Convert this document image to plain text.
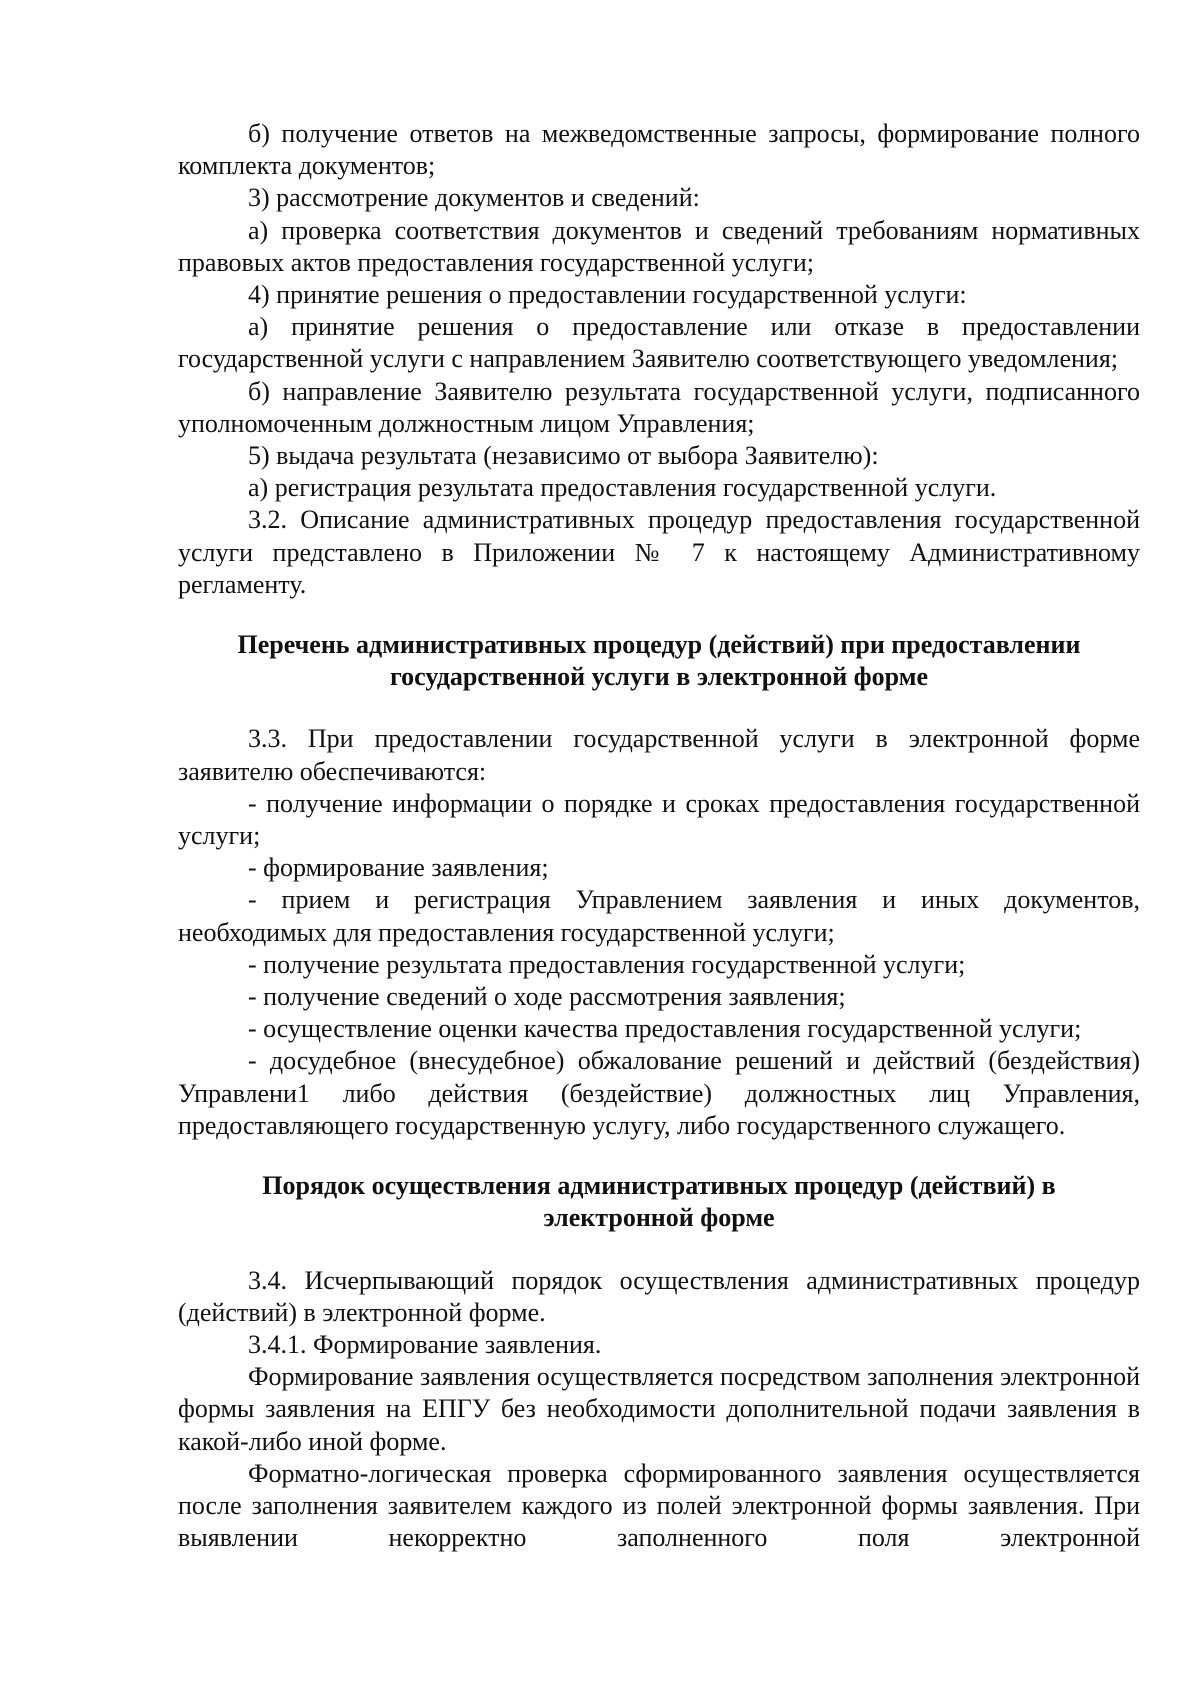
б) получение ответов на межведомственные запросы, формирование полного комплекта документов;

3) рассмотрение документов и сведений:

а) проверка соответствия документов и сведений требованиям нормативных правовых актов предоставления государственной услуги;

4) принятие решения о предоставлении государственной услуги:

а) принятие решения о предоставление или отказе в предоставлении государственной услуги с направлением Заявителю соответствующего уведомления;

б) направление Заявителю результата государственной услуги, подписанного уполномоченным должностным лицом Управления;

5) выдача результата (независимо от выбора Заявителю):

а) регистрация результата предоставления государственной услуги.

3.2. Описание административных процедур предоставления государственной услуги представлено в Приложении № 7 к настоящему Административному регламенту.

Перечень административных процедур (действий) при предоставлении

государственной услуги в электронной форме

3.3. При предоставлении государственной услуги в электронной форме заявителю обеспечиваются:

- получение информации о порядке и сроках предоставления государственной услуги;

- формирование заявления;

- прием и регистрация Управлением заявления и иных документов, необходимых для предоставления государственной услуги;

- получение результата предоставления государственной услуги;

- получение сведений о ходе рассмотрения заявления;

- осуществление оценки качества предоставления государственной услуги;

- досудебное (внесудебное) обжалование решений и действий (бездействия) Управлени1 либо действия (бездействие) должностных лиц Управления, предоставляющего государственную услугу, либо государственного служащего.

Порядок осуществления административных процедур (действий) в

электронной форме

3.4. Исчерпывающий порядок осуществления административных процедур (действий) в электронной форме.

3.4.1. Формирование заявления.

Формирование заявления осуществляется посредством заполнения электронной формы заявления на ЕПГУ без необходимости дополнительной подачи заявления в какой-либо иной форме.

Форматно-логическая проверка сформированного заявления осуществляется после заполнения заявителем каждого из полей электронной формы заявления. При выявлении некорректно заполненного поля электронной
